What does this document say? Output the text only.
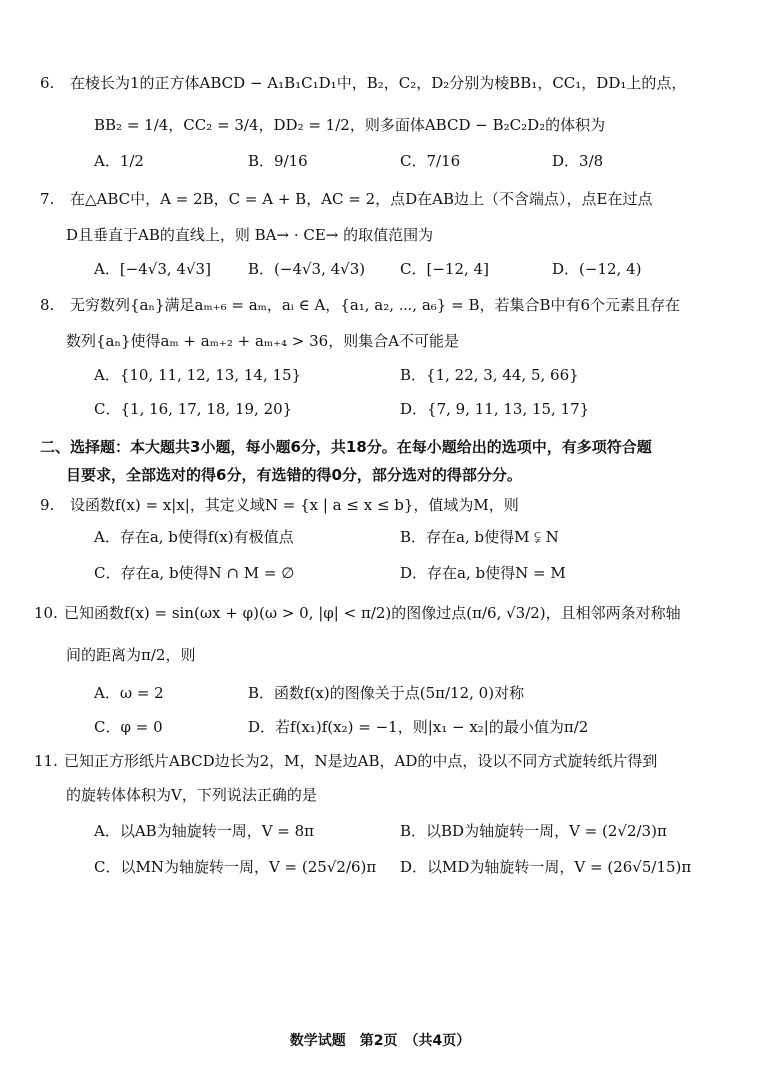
6. 在棱长为1的正方体ABCD − A₁B₁C₁D₁中，B₂，C₂，D₂分别为棱BB₁，CC₁，DD₁上的点，
BB₂ = 1/4，CC₂ = 3/4，DD₂ = 1/2，则多面体ABCD − B₂C₂D₂的体积为
A．1/2	B．9/16	C．7/16	D．3/8
7. 在△ABC中，A = 2B，C = A + B，AC = 2，点D在AB边上（不含端点），点E在过点
D且垂直于AB的直线上，则 BA→ · CE→ 的取值范围为
A．[−4√3, 4√3] B．(−4√3, 4√3) C．[−12, 4]	D．(−12, 4)
8. 无穷数列{aₙ}满足aₘ₊₆ = aₘ，aᵢ ∈ A，{a₁, a₂, ⋯, a₆} = B，若集合B中有6个元素且存在
数列{aₙ}使得aₘ + aₘ₊₂ + aₘ₊₄ > 36，则集合A不可能是
A．{10, 11, 12, 13, 14, 15}	B．{1, 22, 3, 44, 5, 66}
C．{1, 16, 17, 18, 19, 20}	D．{7, 9, 11, 13, 15, 17}
二、选择题：本大题共3小题，每小题6分，共18分。在每小题给出的选项中，有多项符合题
目要求，全部选对的得6分，有选错的得0分，部分选对的得部分分。
9. 设函数f(x) = x|x|，其定义域N = {x | a ≤ x ≤ b}，值域为M，则
A．存在a, b使得f(x)有极值点	B．存在a, b使得M ⫋ N
C．存在a, b使得N ∩ M = ∅	D．存在a, b使得N = M
10. 已知函数f(x) = sin(ωx + φ)(ω > 0, |φ| < π/2)的图像过点(π/6, √3/2)，且相邻两条对称轴
间的距离为π/2，则
A．ω = 2	B．函数f(x)的图像关于点(5π/12, 0)对称
C．φ = 0	D．若f(x₁)f(x₂) = −1，则|x₁ − x₂|的最小值为π/2
11. 已知正方形纸片ABCD边长为2，M，N是边AB，AD的中点，设以不同方式旋转纸片得到
的旋转体体积为V，下列说法正确的是
A．以AB为轴旋转一周，V = 8π	B．以BD为轴旋转一周，V = (2√2/3)π
C．以MN为轴旋转一周，V = (25√2/6)π D．以MD为轴旋转一周，V = (26√5/15)π
数学试题　第2页　（共4页）
